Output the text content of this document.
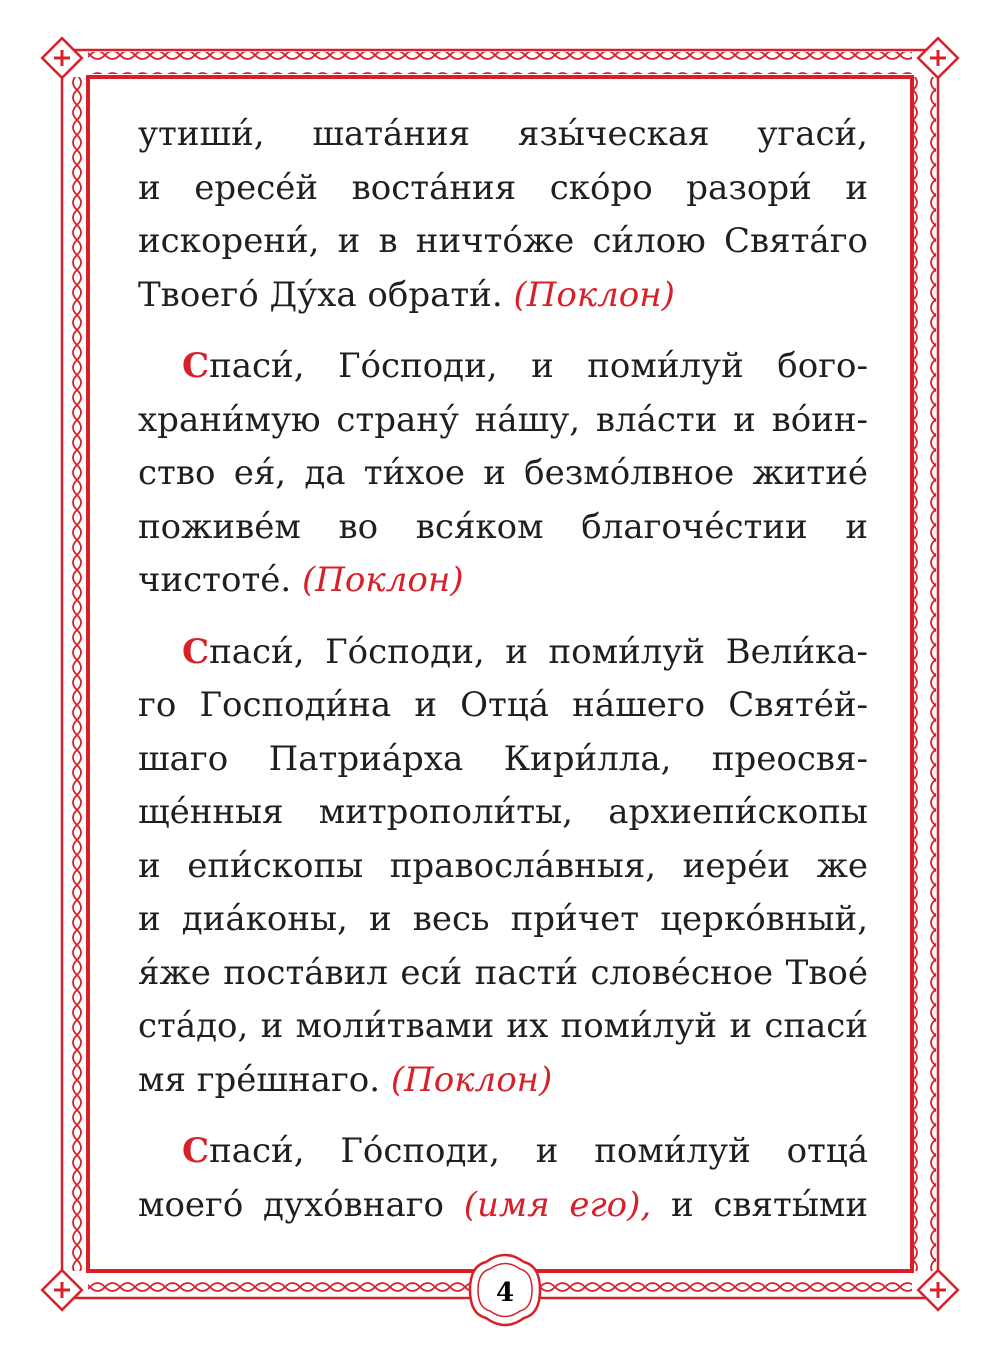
4
утиши́, шата́ния язы́ческая угаси́,
и ересе́й воста́ния ско́ро разори́ и
искорени́, и в ничто́же си́лою Свята́го
Твоего́ Ду́ха обрати́. (Поклон)
Спаси́, Го́споди, и поми́луй бого-
храни́мую страну́ на́шу, вла́сти и во́ин-
ство ея́, да ти́хое и безмо́лвное житие́
поживе́м во вся́ком благоче́стии и
чистоте́. (Поклон)
Спаси́, Го́споди, и поми́луй Вели́ка-
го Господи́на и Отца́ на́шего Святе́й-
шаго Патриа́рха Кири́лла, преосвя-
ще́нныя митрополи́ты, архиепи́скопы
и епи́скопы правосла́вныя, иере́и же
и диа́коны, и весь при́чет церко́вный,
я́же поста́вил еси́ пасти́ слове́сное Твое́
ста́до, и моли́твами их поми́луй и спаси́
мя гре́шнаго. (Поклон)
Спаси́, Го́споди, и поми́луй отца́
моего́ духо́внаго (имя его), и святы́ми
